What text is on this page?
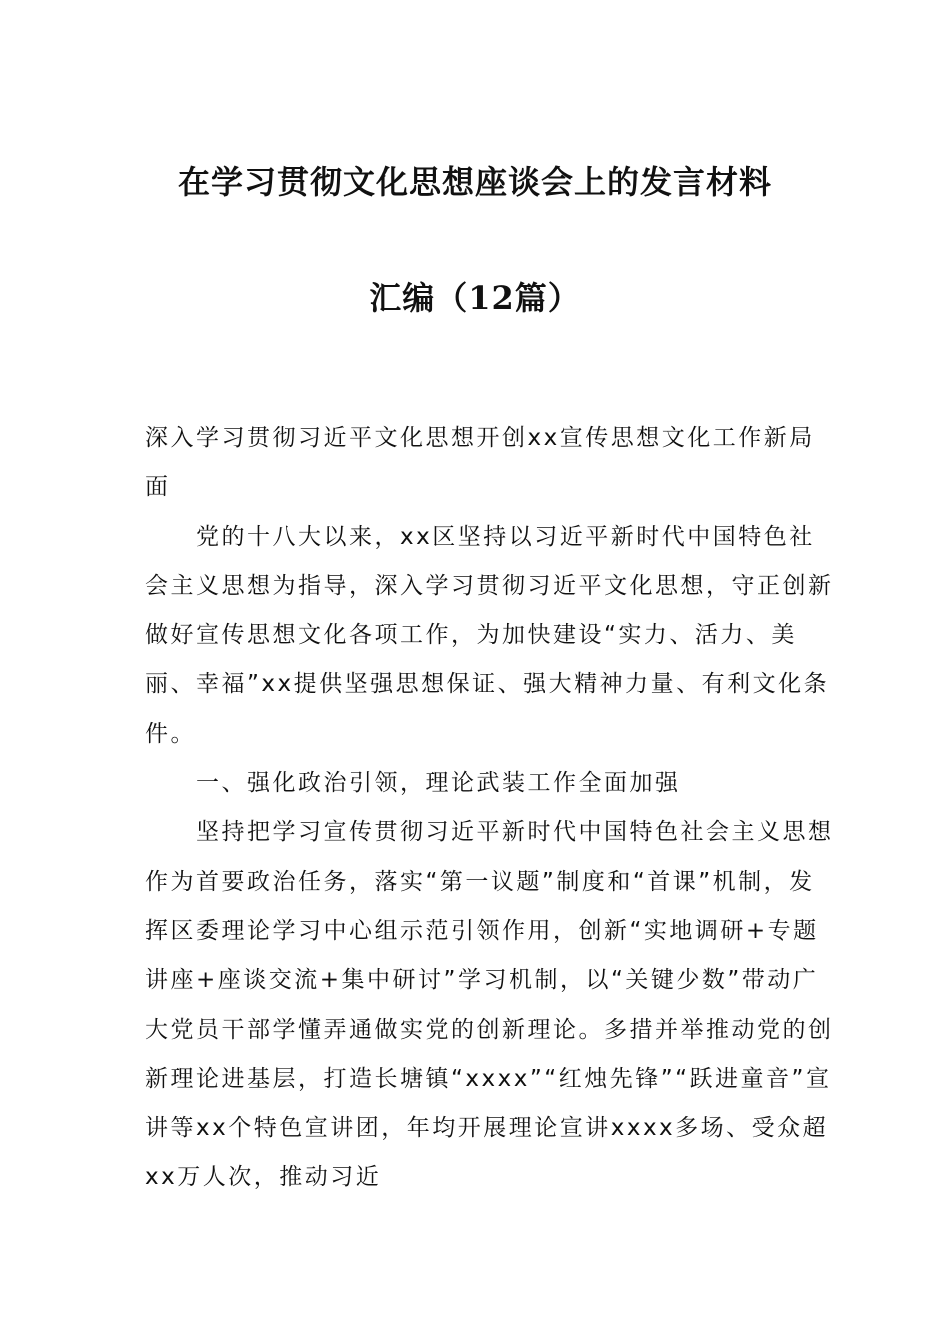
在学习贯彻文化思想座谈会上的发言材料
汇编（12篇）

深入学习贯彻习近平文化思想开创xx宣传思想文化工作新局面

党的十八大以来，xx区坚持以习近平新时代中国特色社会主义思想为指导，深入学习贯彻习近平文化思想，守正创新做好宣传思想文化各项工作，为加快建设“实力、活力、美丽、幸福”xx提供坚强思想保证、强大精神力量、有利文化条件。

一、强化政治引领，理论武装工作全面加强

坚持把学习宣传贯彻习近平新时代中国特色社会主义思想作为首要政治任务，落实“第一议题”制度和“首课”机制，发挥区委理论学习中心组示范引领作用，创新“实地调研+专题讲座+座谈交流+集中研讨”学习机制，以“关键少数”带动广大党员干部学懂弄通做实党的创新理论。多措并举推动党的创新理论进基层，打造长塘镇“xxxx”“红烛先锋”“跃进童音”宣讲等xx个特色宣讲团，年均开展理论宣讲xxxx多场、受众超xx万人次，推动习近
